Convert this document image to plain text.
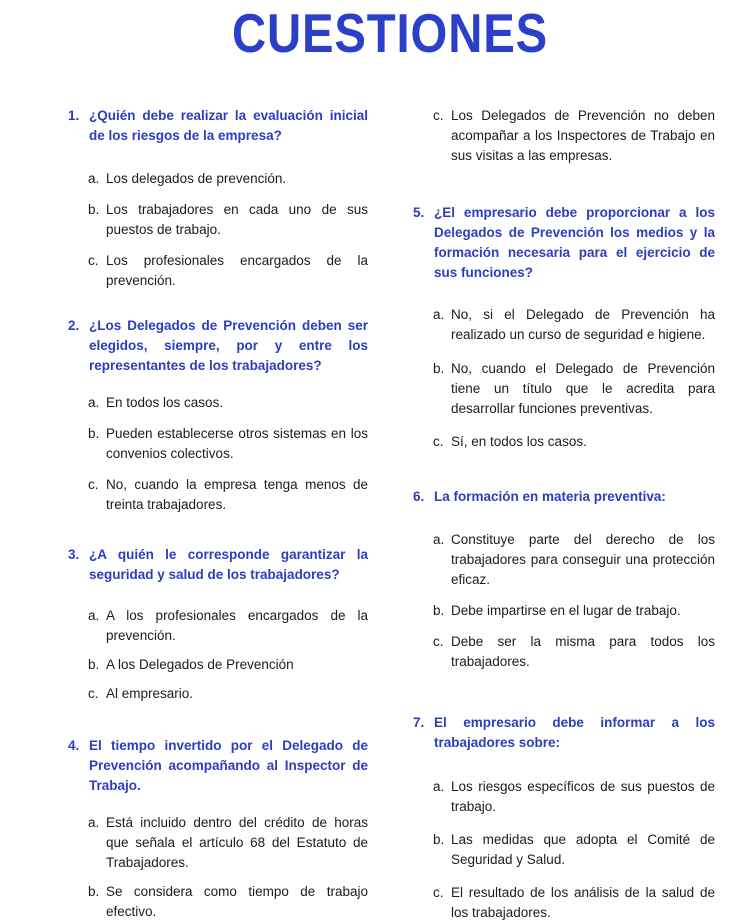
CUESTIONES
1. ¿Quién debe realizar la evaluación inicial de los riesgos de la empresa?
a. Los delegados de prevención.
b. Los trabajadores en cada uno de sus puestos de trabajo.
c. Los profesionales encargados de la prevención.
2. ¿Los Delegados de Prevención deben ser elegidos, siempre, por y entre los representantes de los trabajadores?
a. En todos los casos.
b. Pueden establecerse otros sistemas en los convenios colectivos.
c. No, cuando la empresa tenga menos de treinta trabajadores.
3. ¿A quién le corresponde garantizar la seguridad y salud de los trabajadores?
a. A los profesionales encargados de la prevención.
b. A los Delegados de Prevención
c. Al empresario.
4. El tiempo invertido por el Delegado de Prevención acompañando al Inspector de Trabajo.
a. Está incluido dentro del crédito de horas que señala el artículo 68 del Estatuto de Trabajadores.
b. Se considera como tiempo de trabajo efectivo.
c. Los Delegados de Prevención no deben acompañar a los Inspectores de Trabajo en sus visitas a las empresas.
5. ¿El empresario debe proporcionar a los Delegados de Prevención los medios y la formación necesaria para el ejercicio de sus funciones?
a. No, si el Delegado de Prevención ha realizado un curso de seguridad e higiene.
b. No, cuando el Delegado de Prevención tiene un título que le acredita para desarrollar funciones preventivas.
c. Sí, en todos los casos.
6. La formación en materia preventiva:
a. Constituye parte del derecho de los trabajadores para conseguir una protección eficaz.
b. Debe impartirse en el lugar de trabajo.
c. Debe ser la misma para todos los trabajadores.
7. El empresario debe informar a los trabajadores sobre:
a. Los riesgos específicos de sus puestos de trabajo.
b. Las medidas que adopta el Comité de Seguridad y Salud.
c. El resultado de los análisis de la salud de los trabajadores.
